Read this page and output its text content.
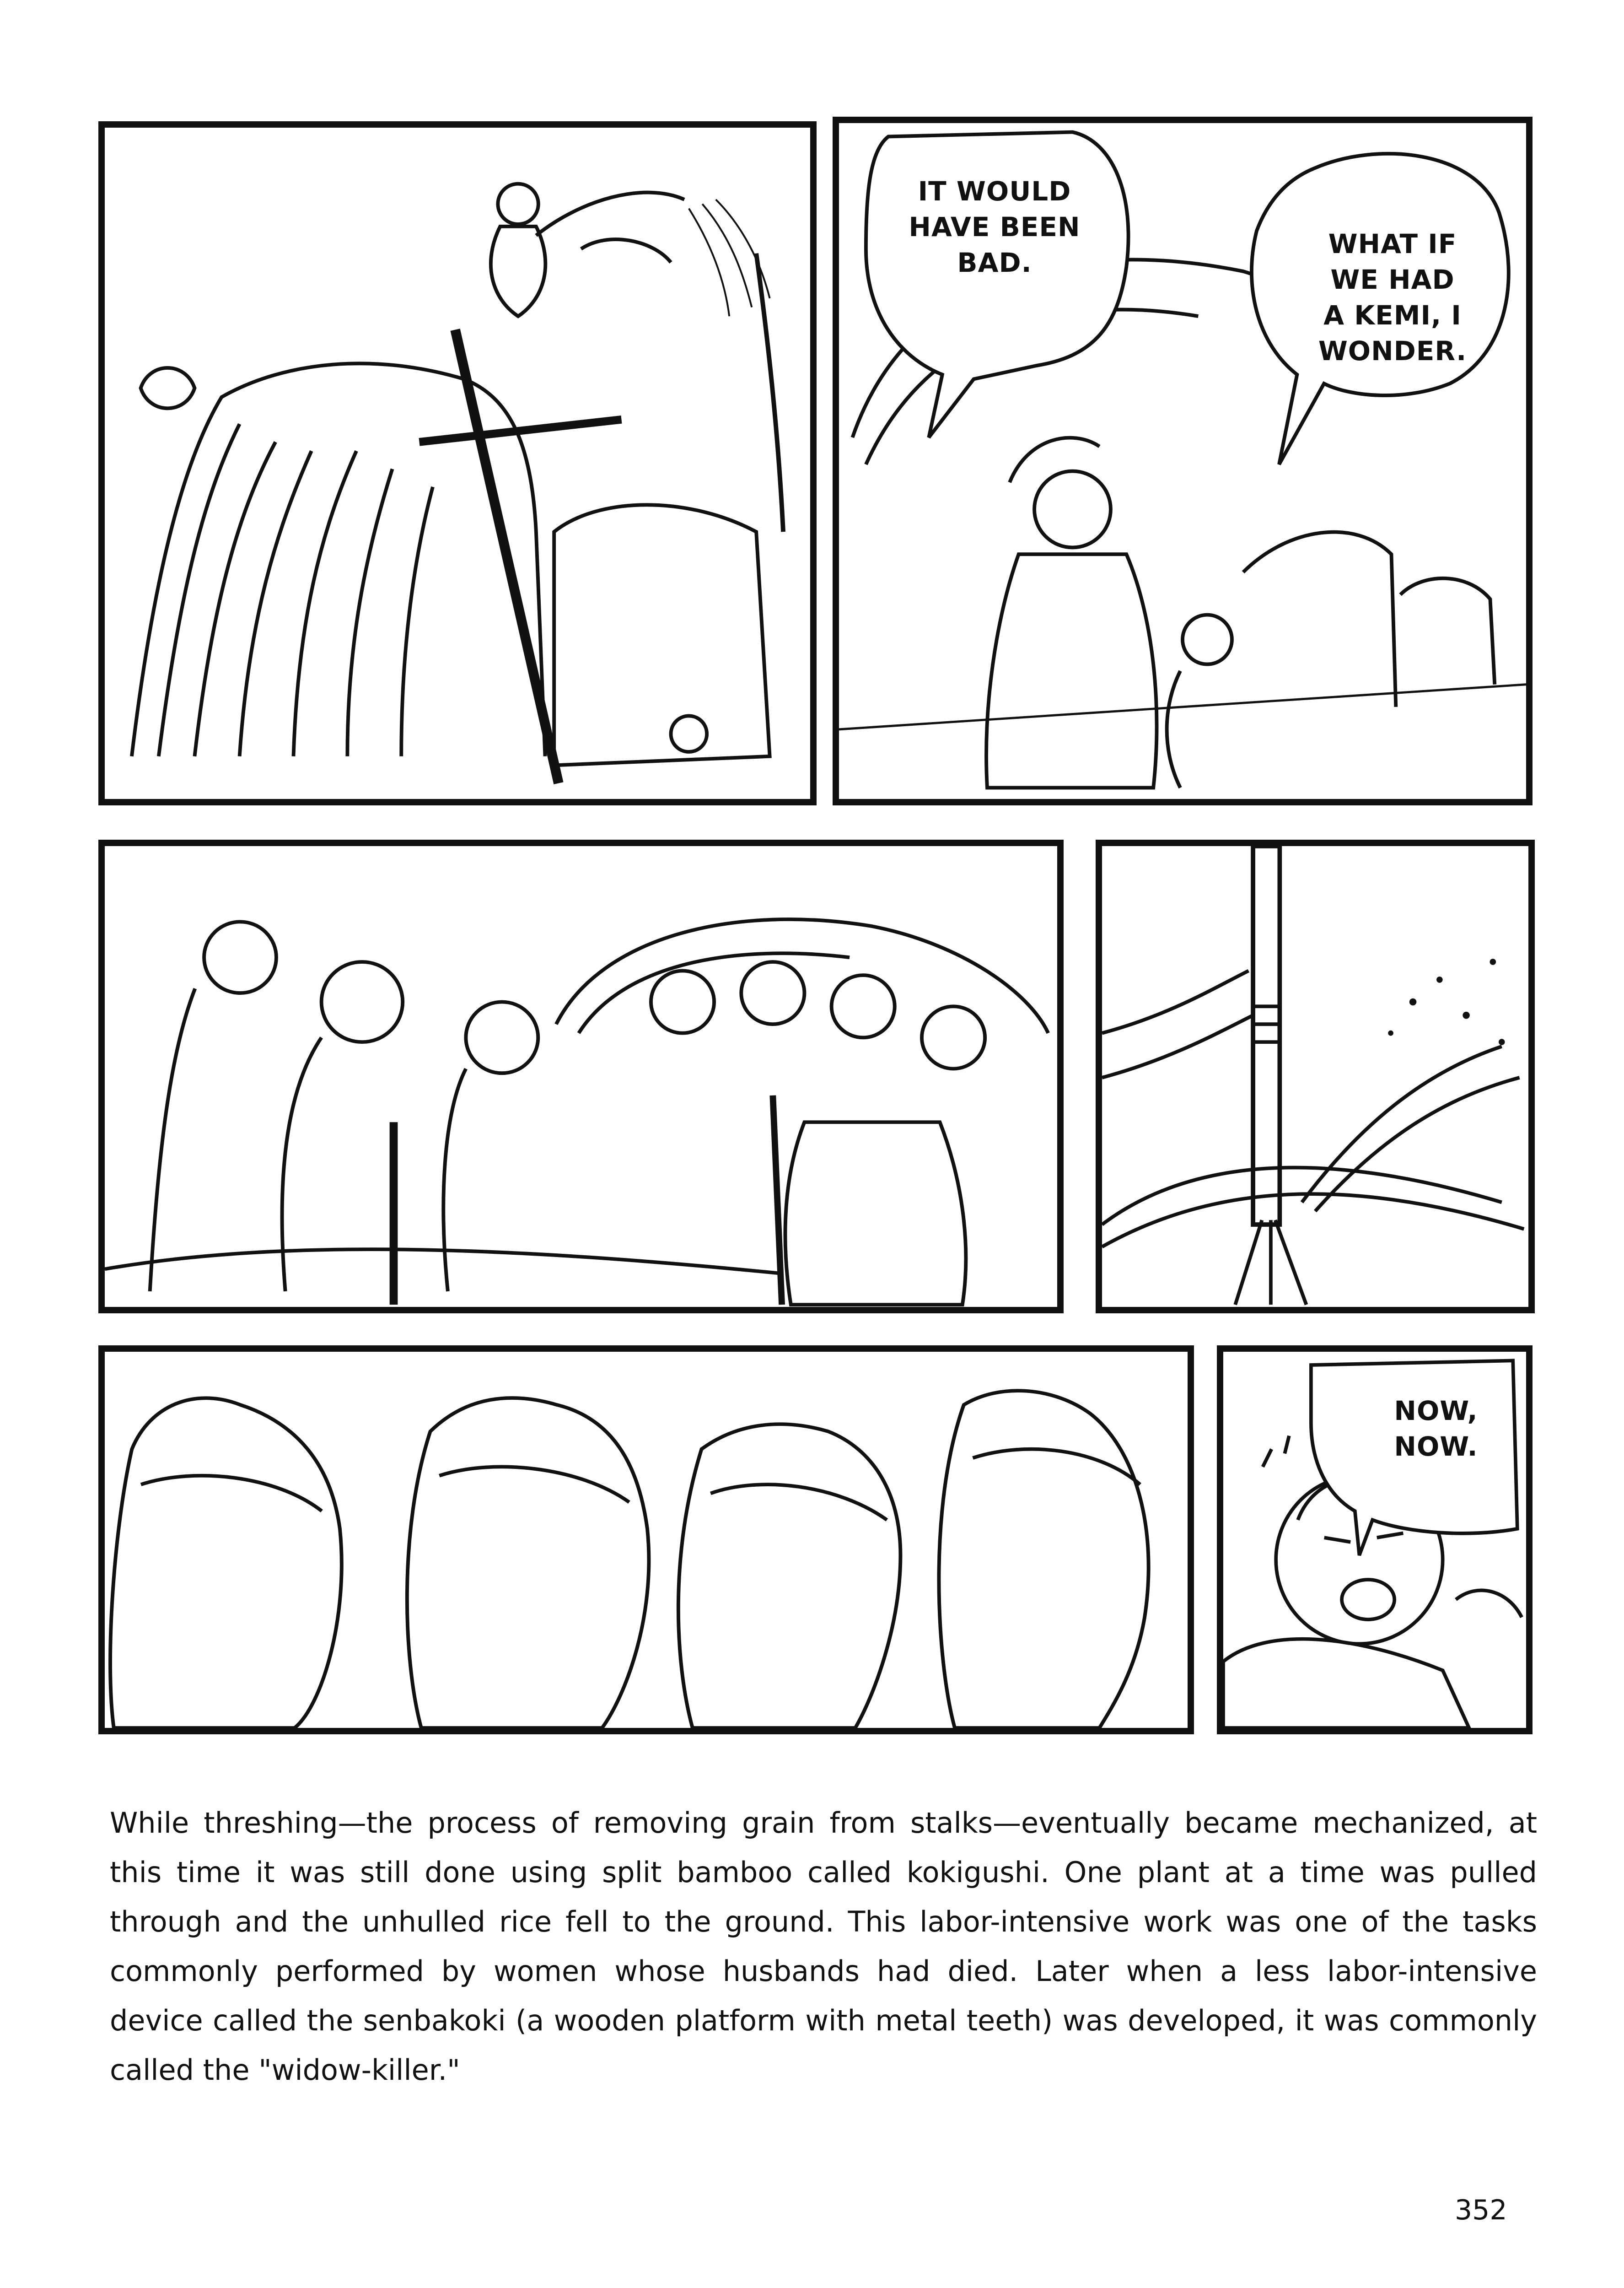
IT WOULD
HAVE BEEN
BAD.
WHAT IF
WE HAD
A KEMI, I
WONDER.
NOW,
NOW.
While threshing—the process of removing grain from stalks—eventually became mechanized, at this time it was still done using split bamboo called kokigushi. One plant at a time was pulled through and the unhulled rice fell to the ground. This labor-intensive work was one of the tasks commonly performed by women whose husbands had died. Later when a less labor-intensive device called the senbakoki (a wooden platform with metal teeth) was developed, it was commonly called the "widow-killer."
352
